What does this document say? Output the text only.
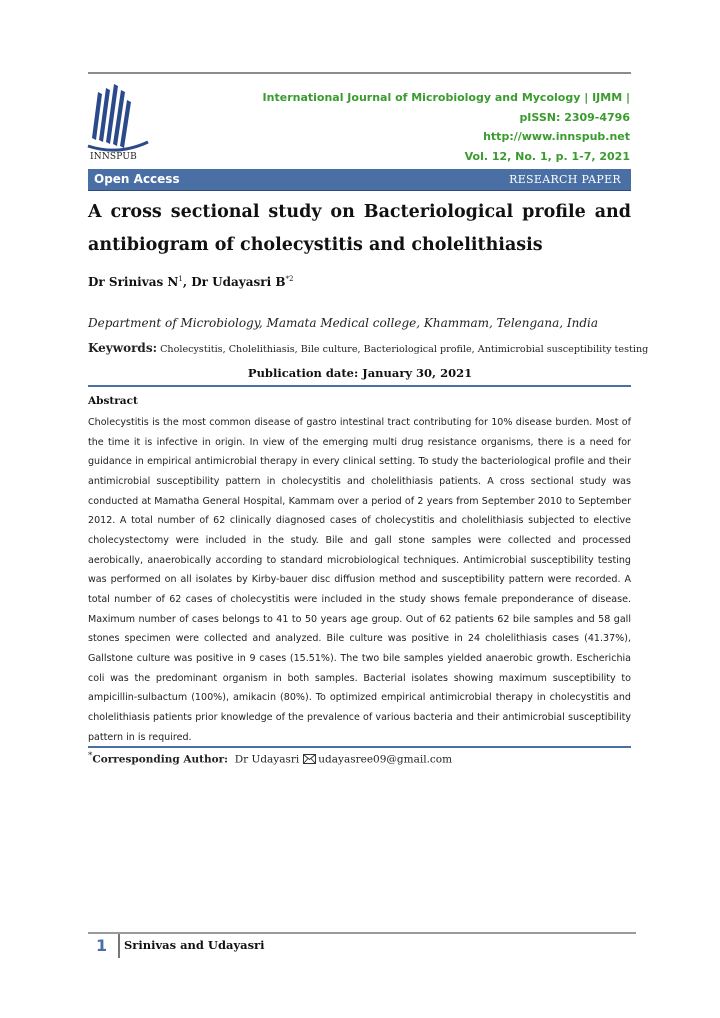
INNSPUB
International Journal of Microbiology and Mycology | IJMM |
pISSN: 2309-4796
http://www.innspub.net
Vol. 12, No. 1, p. 1-7, 2021
Open Access	RESEARCH PAPER
A cross sectional study on Bacteriological profile and
antibiogram of cholecystitis and cholelithiasis
Dr Srinivas $N^1$, Dr Udayasri $B^{*2}$
Department of Microbiology, Mamata Medical college, Khammam, Telengana, India
Keywords: Cholecystitis, Cholelithiasis, Bile culture, Bacteriological profile, Antimicrobial susceptibility testing
Publication date: January 30, 2021
Abstract

Cholecystitis is the most common disease of gastro intestinal tract contributing for 10% disease burden. Most of the time it is infective in origin. In view of the emerging multi drug resistance organisms, there is a need for guidance in empirical antimicrobial therapy in every clinical setting. To study the bacteriological profile and their antimicrobial susceptibility pattern in cholecystitis and cholelithiasis patients. A cross sectional study was conducted at Mamatha General Hospital, Kammam over a period of 2 years from September 2010 to September 2012. A total number of 62 clinically diagnosed cases of cholecystitis and cholelithiasis subjected to elective cholecystectomy were included in the study. Bile and gall stone samples were collected and processed aerobically, anaerobically according to standard microbiological techniques. Antimicrobial susceptibility testing was performed on all isolates by Kirby-bauer disc diffusion method and susceptibility pattern were recorded. A total number of 62 cases of cholecystitis were included in the study shows female preponderance of disease. Maximum number of cases belongs to 41 to 50 years age group. Out of 62 patients 62 bile samples and 58 gall stones specimen were collected and analyzed. Bile culture was positive in 24 cholelithiasis cases (41.37%), Gallstone culture was positive in 9 cases (15.51%). The two bile samples yielded anaerobic growth. Escherichia coli was the predominant organism in both samples. Bacterial isolates showing maximum susceptibility to ampicillin-sulbactum (100%), amikacin (80%). To optimized empirical antimicrobial therapy in cholecystitis and cholelithiasis patients prior knowledge of the prevalence of various bacteria and their antimicrobial susceptibility pattern in is required.

*Corresponding Author: Dr Udayasri udayasree09@gmail.com
1 Srinivas and Udayasri
